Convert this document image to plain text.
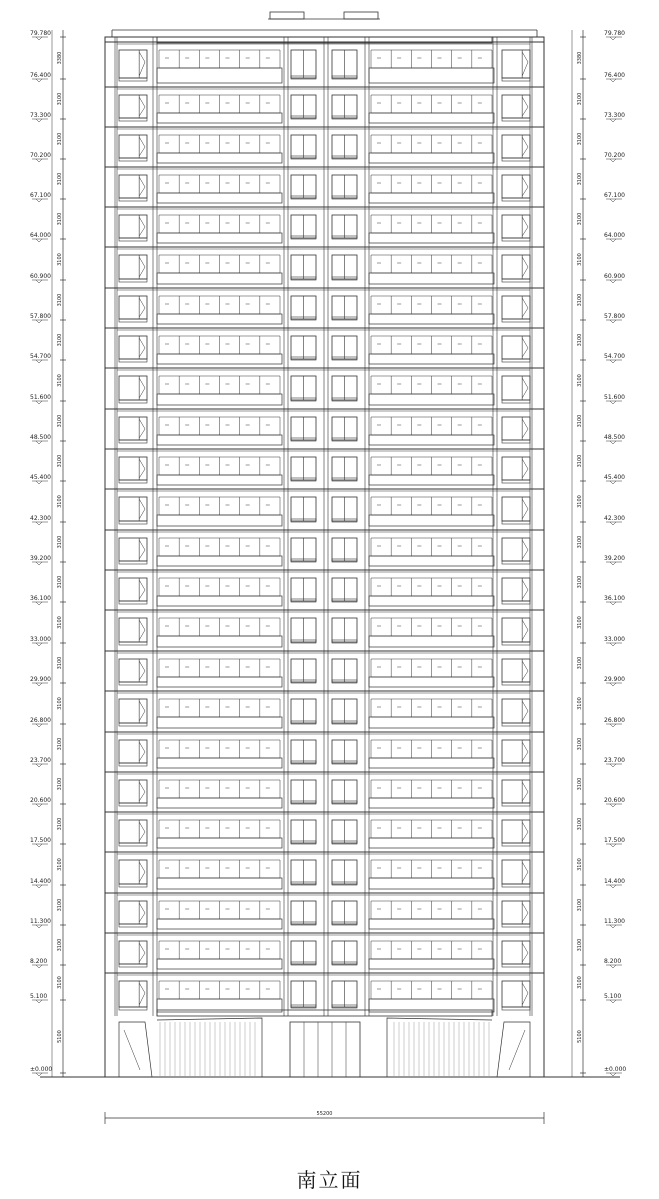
79.780
76.400
73.300
70.200
67.100
64.000
60.900
57.800
54.700
51.600
48.500
45.400
42.300
39.200
36.100
33.000
29.900
26.800
23.700
20.600
17.500
14.400
11.300
8.200
5.100
±0.000
3380
3100
3100
3100
3100
3100
3100
3100
3100
3100
3100
3100
3100
3100
3100
3100
3100
3100
3100
3100
3100
3100
3100
3100
5100
79.780
76.400
73.300
70.200
67.100
64.000
60.900
57.800
54.700
51.600
48.500
45.400
42.300
39.200
36.100
33.000
29.900
26.800
23.700
20.600
17.500
14.400
11.300
8.200
5.100
±0.000
3380
3100
3100
3100
3100
3100
3100
3100
3100
3100
3100
3100
3100
3100
3100
3100
3100
3100
3100
3100
3100
3100
3100
3100
5100
55200
南立面
